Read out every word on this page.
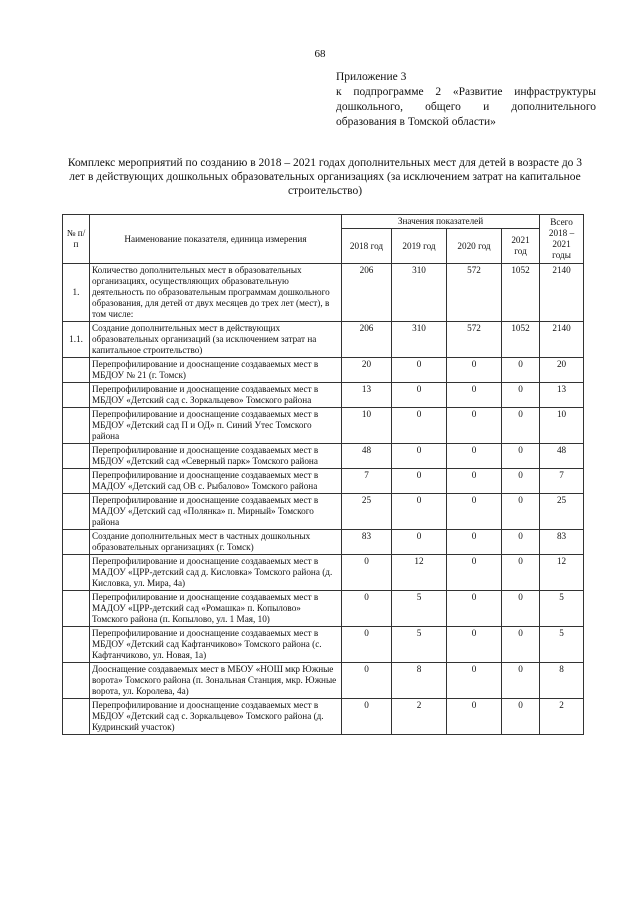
68
Приложение 3
к подпрограмме 2 «Развитие инфраструктуры
дошкольного, общего и дополнительного
образования в Томской области»
Комплекс мероприятий по созданию в 2018 – 2021 годах дополнительных мест для детей в возрасте до 3 лет в действующих дошкольных образовательных организациях (за исключением затрат на капитальное строительство)
№ п/п	Наименование показателя, единица измерения	Значения показателей				Всего 2018 – 2021 годы
		2018 год	2019 год	2020 год	2021 год	
1.	Количество дополнительных мест в образовательных организациях, осуществляющих образовательную деятельность по образовательным программам дошкольного образования, для детей от двух месяцев до трех лет (мест), в том числе:	206	310	572	1052	2140
1.1.	Создание дополнительных мест в действующих образовательных организаций (за исключением затрат на капитальное строительство)	206	310	572	1052	2140
	Перепрофилирование и дооснащение создаваемых мест в МБДОУ № 21 (г. Томск)	20	0	0	0	20
	Перепрофилирование и дооснащение создаваемых мест в МБДОУ «Детский сад с. Зоркальцево» Томского района	13	0	0	0	13
	Перепрофилирование и дооснащение создаваемых мест в МБДОУ «Детский сад П и ОД» п. Синий Утес Томского района	10	0	0	0	10
	Перепрофилирование и дооснащение создаваемых мест в МБДОУ «Детский сад «Северный парк» Томского района	48	0	0	0	48
	Перепрофилирование и дооснащение создаваемых мест в МАДОУ «Детский сад ОВ с. Рыбалово» Томского района	7	0	0	0	7
	Перепрофилирование и дооснащение создаваемых мест в МАДОУ «Детский сад «Полянка» п. Мирный» Томского района	25	0	0	0	25
	Создание дополнительных мест в частных дошкольных образовательных организациях (г. Томск)	83	0	0	0	83
	Перепрофилирование и дооснащение создаваемых мест в МАДОУ «ЦРР-детский сад д. Кисловка» Томского района (д. Кисловка, ул. Мира, 4а)	0	12	0	0	12
	Перепрофилирование и дооснащение создаваемых мест в МАДОУ «ЦРР-детский сад «Ромашка» п. Копылово» Томского района (п. Копылово, ул. 1 Мая, 10)	0	5	0	0	5
	Перепрофилирование и дооснащение создаваемых мест в МБДОУ «Детский сад Кафтанчиково» Томского района (с. Кафтанчиково, ул. Новая, 1а)	0	5	0	0	5
	Дооснащение создаваемых мест в МБОУ «НОШ мкр Южные ворота» Томского района (п. Зональная Станция, мкр. Южные ворота, ул. Королева, 4а)	0	8	0	0	8
	Перепрофилирование и дооснащение создаваемых мест в МБДОУ «Детский сад с. Зоркальцево» Томского района (д. Кудринский участок)	0	2	0	0	2
